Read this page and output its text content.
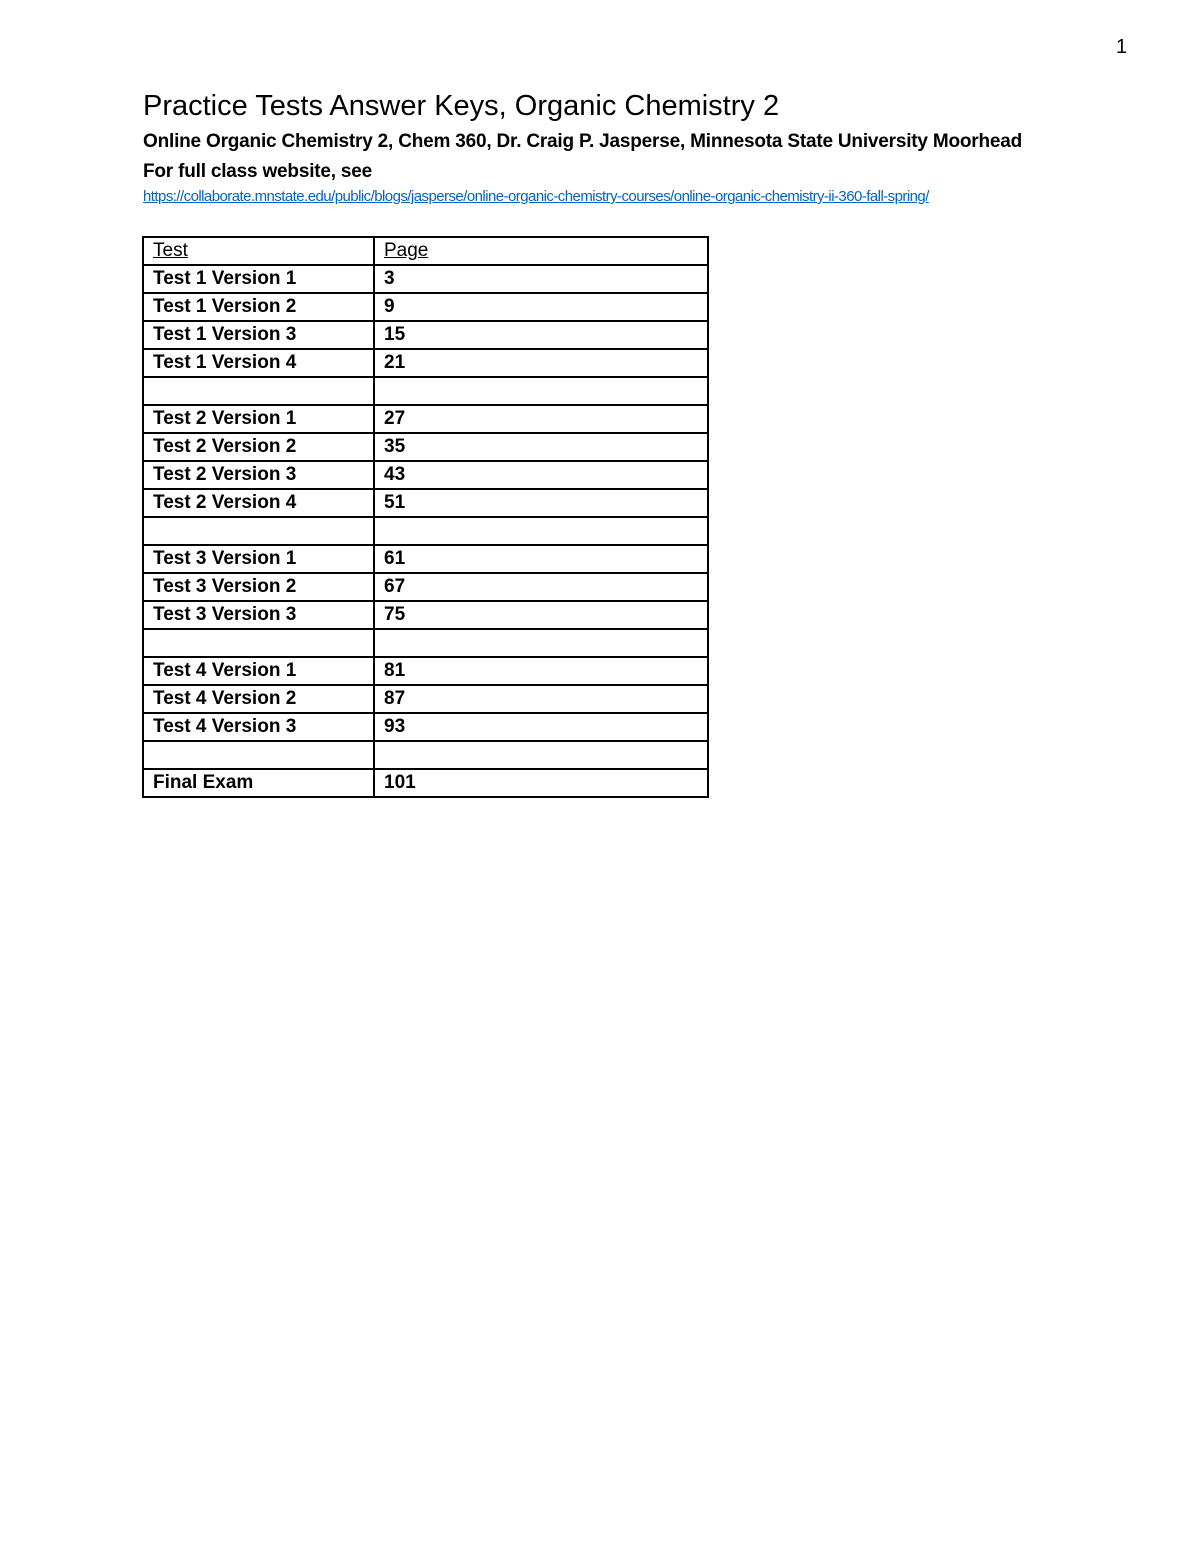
1
Practice Tests Answer Keys, Organic Chemistry 2
Online Organic Chemistry 2, Chem 360, Dr. Craig P. Jasperse, Minnesota State University Moorhead
For full class website, see
https://collaborate.mnstate.edu/public/blogs/jasperse/online-organic-chemistry-courses/online-organic-chemistry-ii-360-fall-spring/
Test	Page
Test 1 Version 1	3
Test 1 Version 2	9
Test 1 Version 3	15
Test 1 Version 4	21

Test 2 Version 1	27
Test 2 Version 2	35
Test 2 Version 3	43
Test 2 Version 4	51

Test 3 Version 1	61
Test 3 Version 2	67
Test 3 Version 3	75

Test 4 Version 1	81
Test 4 Version 2	87
Test 4 Version 3	93

Final Exam	101
